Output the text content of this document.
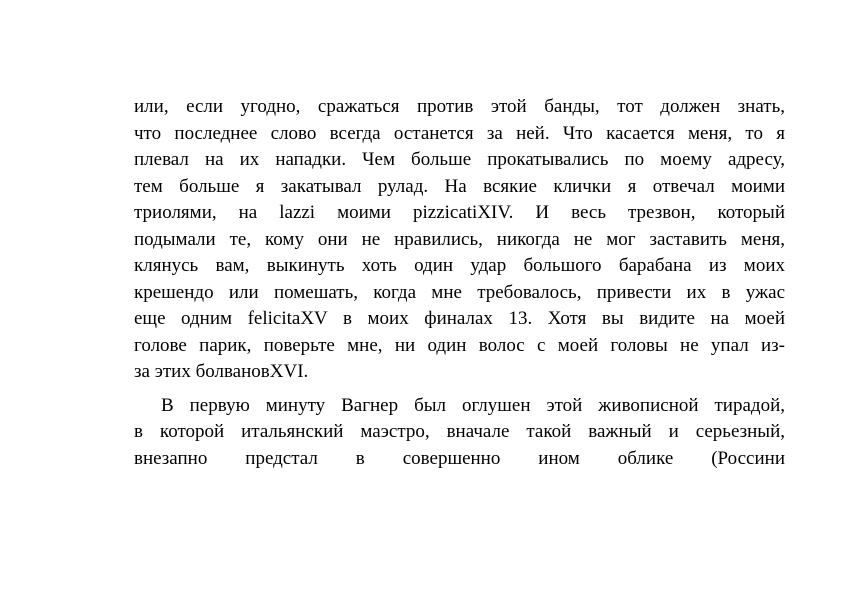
или, если угодно, сражаться против этой банды, тот должен знать,
что последнее слово всегда останется за ней. Что касается меня, то я
плевал на их нападки. Чем больше прокатывались по моему адресу,
тем больше я закатывал рулад. На всякие клички я отвечал моими
триолями, на lazzi моими pizzicatiXIV. И весь трезвон, который
подымали те, кому они не нравились, никогда не мог заставить меня,
клянусь вам, выкинуть хоть один удар большого барабана из моих
крешендо или помешать, когда мне требовалось, привести их в ужас
еще одним felicitaXV в моих финалах 13. Хотя вы видите на моей
голове парик, поверьте мне, ни один волос с моей головы не упал из-
за этих болвановXVI.
В первую минуту Вагнер был оглушен этой живописной тирадой,
в которой итальянский маэстро, вначале такой важный и серьезный,
внезапно предстал в совершенно ином облике (Россини
